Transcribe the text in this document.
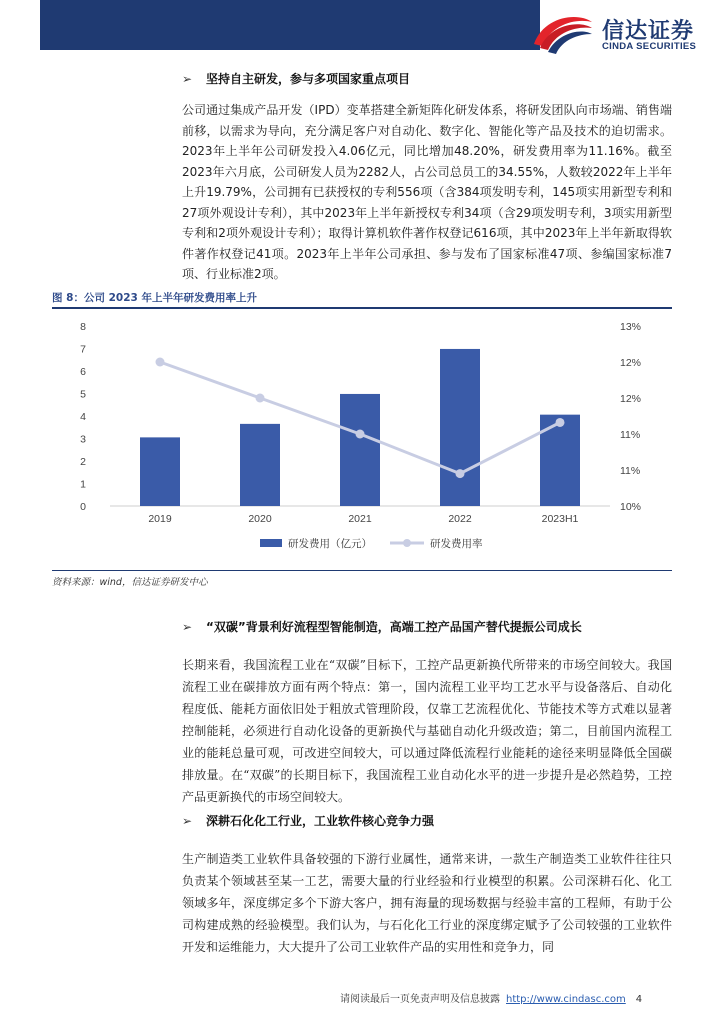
信达证券
CINDA SECURITIES
➢ 坚持自主研发，参与多项国家重点项目
公司通过集成产品开发（IPD）变革搭建全新矩阵化研发体系，将研发团队向市场端、销售端前移，以需求为导向，充分满足客户对自动化、数字化、智能化等产品及技术的迫切需求。2023年上半年公司研发投入4.06亿元，同比增加48.20%，研发费用率为11.16%。截至2023年六月底，公司研发人员为2282人，占公司总员工的34.55%，人数较2022年上半年上升19.79%，公司拥有已获授权的专利556项（含384项发明专利，145项实用新型专利和27项外观设计专利），其中2023年上半年新授权专利34项（含29项发明专利，3项实用新型专利和2项外观设计专利）；取得计算机软件著作权登记616项，其中2023年上半年新取得软件著作权登记41项。2023年上半年公司承担、参与发布了国家标准47项、参编国家标准7项、行业标准2项。
图 8：公司 2023 年上半年研发费用率上升
0
1
2
3
4
5
6
7
8
10%
11%
11%
12%
12%
13%
2019	2020	2021	2022	2023H1
研发费用（亿元）	研发费用率
资料来源：wind，信达证券研发中心
➢ “双碳”背景利好流程型智能制造，高端工控产品国产替代提振公司成长
长期来看，我国流程工业在“双碳”目标下，工控产品更新换代所带来的市场空间较大。我国流程工业在碳排放方面有两个特点：第一，国内流程工业平均工艺水平与设备落后、自动化程度低、能耗方面依旧处于粗放式管理阶段，仅靠工艺流程优化、节能技术等方式难以显著控制能耗，必须进行自动化设备的更新换代与基础自动化升级改造；第二，目前国内流程工业的能耗总量可观，可改进空间较大，可以通过降低流程行业能耗的途径来明显降低全国碳排放量。在“双碳”的长期目标下，我国流程工业自动化水平的进一步提升是必然趋势，工控产品更新换代的市场空间较大。
➢ 深耕石化化工行业，工业软件核心竞争力强
生产制造类工业软件具备较强的下游行业属性，通常来讲，一款生产制造类工业软件往往只负责某个领域甚至某一工艺，需要大量的行业经验和行业模型的积累。公司深耕石化、化工领域多年，深度绑定多个下游大客户，拥有海量的现场数据与经验丰富的工程师，有助于公司构建成熟的经验模型。我们认为，与石化化工行业的深度绑定赋予了公司较强的工业软件开发和运维能力，大大提升了公司工业软件产品的实用性和竞争力，同
请阅读最后一页免责声明及信息披露 http://www.cindasc.com 4
